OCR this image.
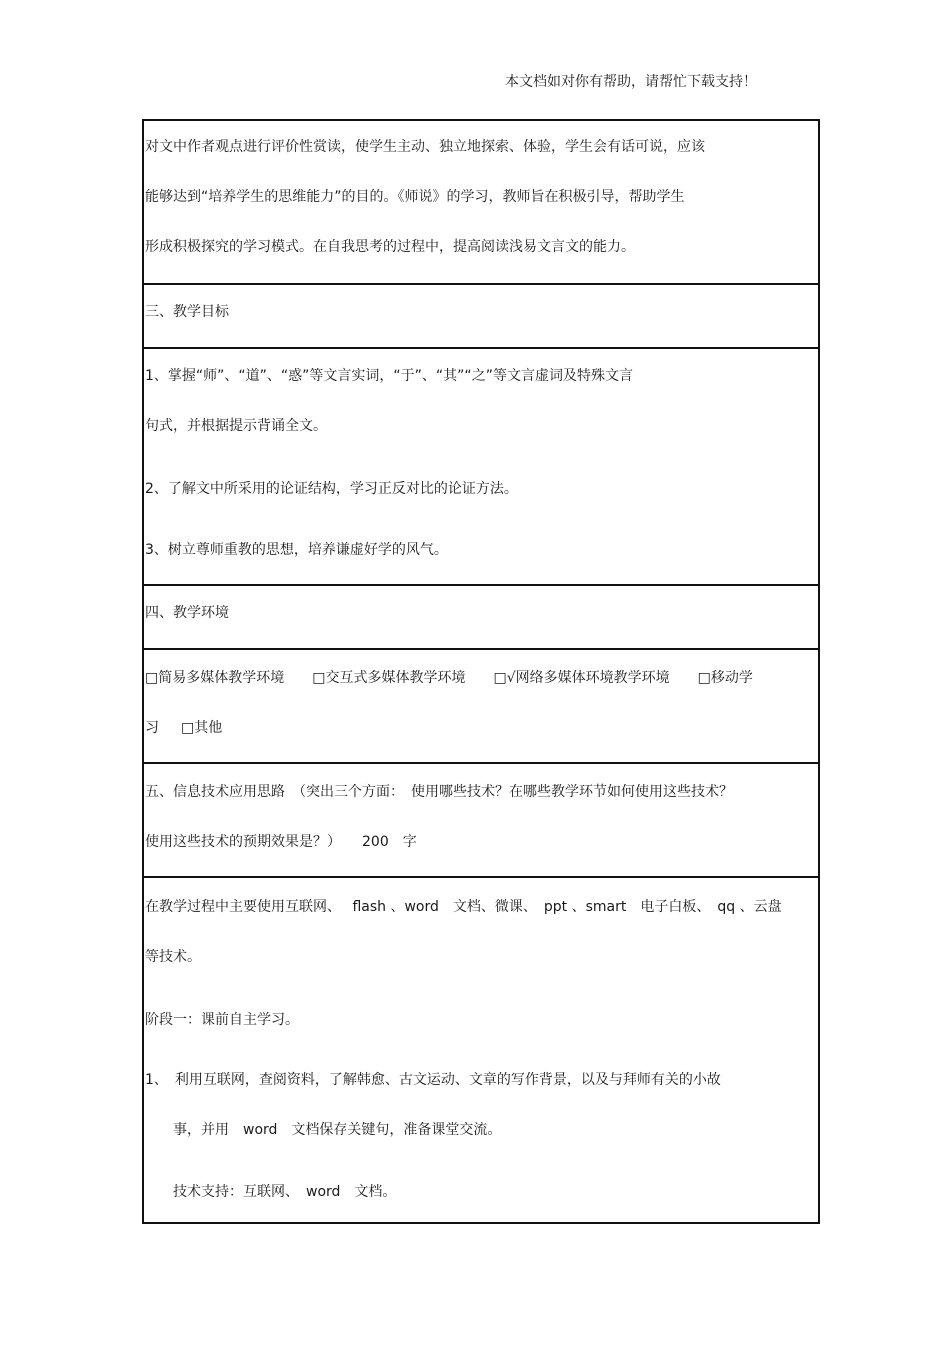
本文档如对你有帮助，请帮忙下载支持！
对文中作者观点进行评价性赏读，使学生主动、独立地探索、体验，学生会有话可说，应该
能够达到“培养学生的思维能力”的目的。《师说》的学习，教师旨在积极引导，帮助学生
形成积极探究的学习模式。在自我思考的过程中，提高阅读浅易文言文的能力。
三、教学目标
1、掌握“师”、“道”、“惑”等文言实词，“于”、“其”“之”等文言虚词及特殊文言
句式，并根据提示背诵全文。
2、了解文中所采用的论证结构，学习正反对比的论证方法。
3、树立尊师重教的思想，培养谦虚好学的风气。
四、教学环境
□简易多媒体教学环境 □交互式多媒体教学环境 □√网络多媒体环境教学环境 □移动学
习 □其他
五、信息技术应用思路　（突出三个方面：　使用哪些技术？在哪些教学环节如何使用这些技术？
使用这些技术的预期效果是？）　　200　字
在教学过程中主要使用互联网、　 flash 、word　文档、微课、　ppt 、smart　电子白板、　qq 、云盘
等技术。
阶段一：课前自主学习。
1、　利用互联网，查阅资料，了解韩愈、古文运动、文章的写作背景，以及与拜师有关的小故
事，并用　word　文档保存关键句，准备课堂交流。
技术支持：互联网、　word　文档。
